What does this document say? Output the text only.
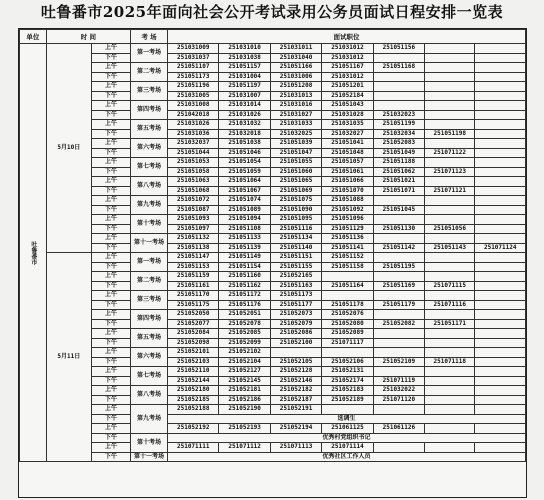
吐鲁番市2025年面向社会公开考试录用公务员面试日程安排一览表
单位	时 间		考 场	面试职位						
吐鲁番市	5月10日	上午	第一考场	251031009	251031010	251031011	251031012	251051156		
		下午		251031037	251031038	251031040	251031012			
		上午	第二考场	251051107	251051157	251051166	251051167	251051168		
		下午		251051173	251031004	251031006	251031012			
		上午	第三考场	251051196	251051197	251051208	251051201			
		下午		251031005	251031007	251031013	251052184			
		上午	第四考场	251031008	251031014	251031016	251051043			
		下午		251042018	251031026	251031027	251031028	251032023		
		上午	第五考场	251031026	251031032	251031033	251031035	251051199		
		下午		251031036	251032018	251032025	251032027	251032034	251051198	
		上午	第六考场	251032037	251051038	251051039	251051041	251052083		
		下午		251051044	251051046	251051047	251051048	251051049	251071122	
		上午	第七考场	251051053	251051054	251051055	251051057	251051188		
		下午		251051058	251051059	251051060	251051061	251051062	251071123	
		上午	第八考场	251051063	251051064	251051065	251051066	251051021		
		下午		251051068	251051067	251051069	251051070	251051071	251071121	
		上午	第九考场	251051072	251051074	251051075	251051088			
		下午		251051087	251051089	251051090	251051092	251051045		
		上午	第十考场	251051093	251051094	251051095	251051096			
		下午		251051097	251051108	251051116	251051129	251051130	251051056	
		上午	第十一考场	251051132	251051133	251051134	251051136			
		下午		251051138	251051139	251051140	251051141	251051142	251051143	251071124
	5月11日	上午	第一考场	251051147	251051149	251051151	251051152			
		下午		251051153	251051154	251051155	251051158	251051195		
		上午	第二考场	251051159	251051160	251052165				
		下午		251051161	251051162	251051163	251051164	251051169	251071115	
		上午	第三考场	251051170	251051172	251051173				
		下午		251051175	251051176	251051177	251051178	251051179	251071116	
		上午	第四考场	251052050	251052051	251052073	251052076			
		下午		251052077	251052078	251052079	251052080	251052082	251051171	
		上午	第五考场	251052084	251052085	251052086	251052089			
		下午		251052098	251052099	251052100	251071117			
		上午	第六考场	251052101	251052102					
		下午		251052103	251052104	251052105	251052106	251052109	251071118	
		上午	第七考场	251052110	251052127	251052128	251052131			
		下午		251052144	251052145	251052146	251052174	251071119		
		上午	第八考场	251052180	251052181	251052182	251052183	251032022		
		下午		251052185	251052186	251052187	251052189	251071120		
		上午	第九考场	251052188	251052190	251052191				
		下午		选调生						
		上午		251052192	251052193	251052194	251061125	251061126		
		下午	第十考场	优秀村党组织书记						
		上午		251071111	251071112	251071113	251071114			
		下午	第十一考场	优秀社区工作人员						
